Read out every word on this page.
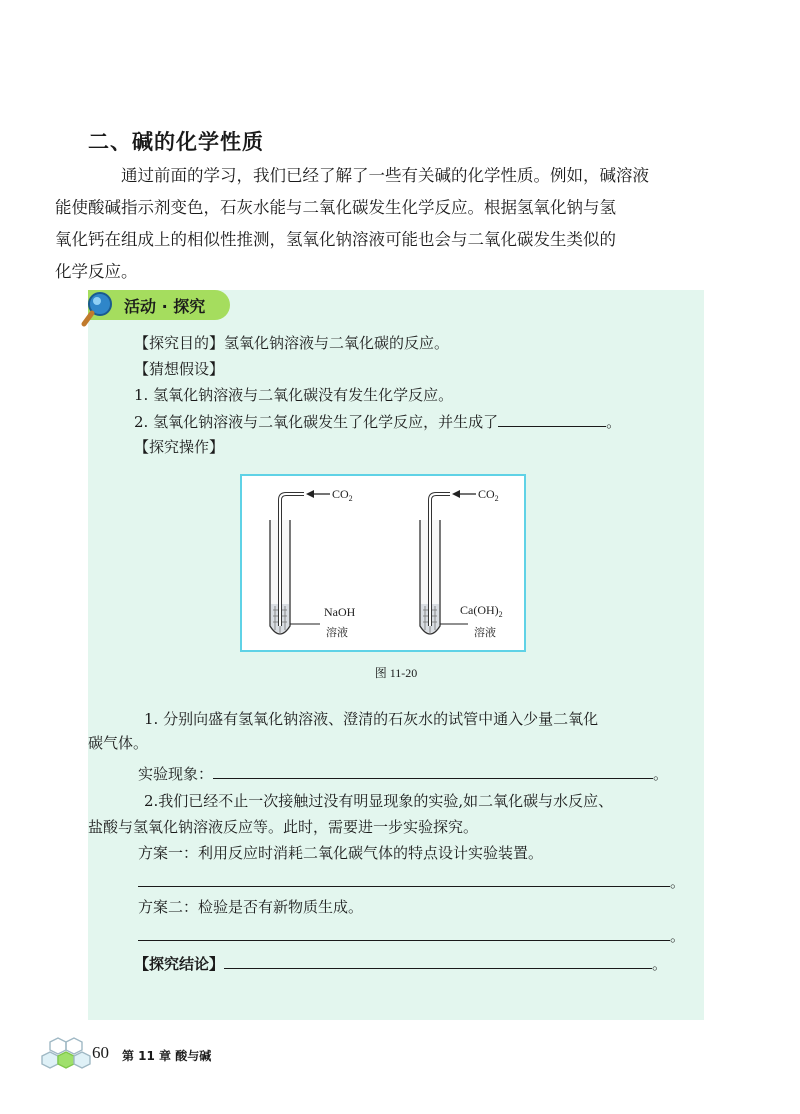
二、碱的化学性质

通过前面的学习，我们已经了解了一些有关碱的化学性质。例如，碱溶液
能使酸碱指示剂变色，石灰水能与二氧化碳发生化学反应。根据氢氧化钠与氢
氧化钙在组成上的相似性推测，氢氧化钠溶液可能也会与二氧化碳发生类似的
化学反应。

活动 · 探究
【探究目的】氢氧化钠溶液与二氧化碳的反应。
【猜想假设】
1. 氢氧化钠溶液与二氧化碳没有发生化学反应。
2. 氢氧化钠溶液与二氧化碳发生了化学反应，并生成了	。
【探究操作】
$CO_2$
NaOH
溶液
$CO_2$
$Ca(OH)_2$
溶液
图 11-20
1. 分别向盛有氢氧化钠溶液、澄清的石灰水的试管中通入少量二氧化
碳气体。
实验现象：	。
2.我们已经不止一次接触过没有明显现象的实验,如二氧化碳与水反应、
盐酸与氢氧化钠溶液反应等。此时，需要进一步实验探究。
方案一：利用反应时消耗二氧化碳气体的特点设计实验装置。
。
方案二：检验是否有新物质生成。
。
【探究结论】	。
60 第 11 章 酸与碱
